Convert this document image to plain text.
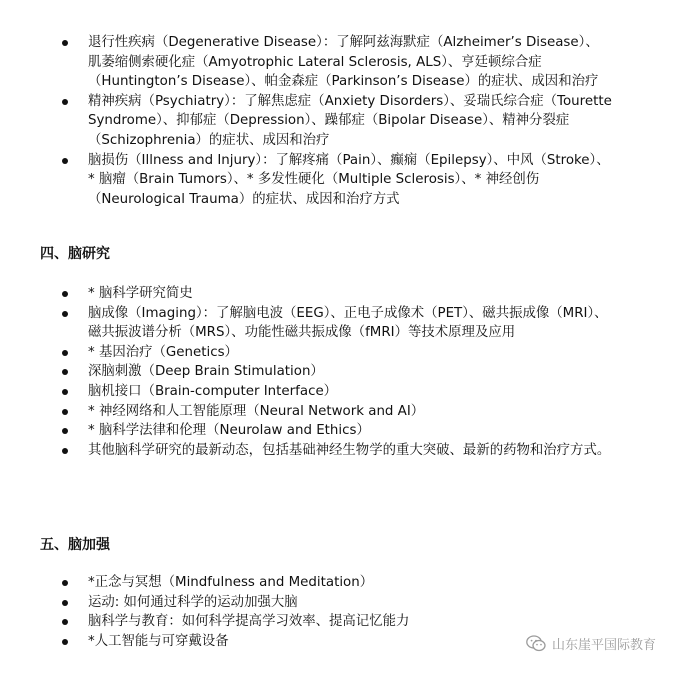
退行性疾病（Degenerative Disease）：了解阿兹海默症（Alzheimer’s Disease）、肌萎缩侧索硬化症（Amyotrophic Lateral Sclerosis, ALS）、亨廷顿综合症（Huntington’s Disease）、帕金森症（Parkinson’s Disease）的症状、成因和治疗
精神疾病（Psychiatry）：了解焦虑症（Anxiety Disorders）、妥瑞氏综合症（Tourette Syndrome）、抑郁症（Depression）、躁郁症（Bipolar Disease）、精神分裂症（Schizophrenia）的症状、成因和治疗
脑损伤（Illness and Injury）：了解疼痛（Pain）、癫痫（Epilepsy）、中风（Stroke）、* 脑瘤（Brain Tumors）、* 多发性硬化（Multiple Sclerosis）、* 神经创伤（Neurological Trauma）的症状、成因和治疗方式
四、脑研究
* 脑科学研究简史
脑成像（Imaging）：了解脑电波（EEG）、正电子成像术（PET）、磁共振成像（MRI）、磁共振波谱分析（MRS）、功能性磁共振成像（fMRI）等技术原理及应用
* 基因治疗（Genetics）
深脑刺激（Deep Brain Stimulation）
脑机接口（Brain-computer Interface）
* 神经网络和人工智能原理（Neural Network and AI）
* 脑科学法律和伦理（Neurolaw and Ethics）
其他脑科学研究的最新动态，包括基础神经生物学的重大突破、最新的药物和治疗方式。
五、脑加强
*正念与冥想（Mindfulness and Meditation）
运动: 如何通过科学的运动加强大脑
脑科学与教育：如何科学提高学习效率、提高记忆能力
*人工智能与可穿戴设备	山东崖平国际教育
